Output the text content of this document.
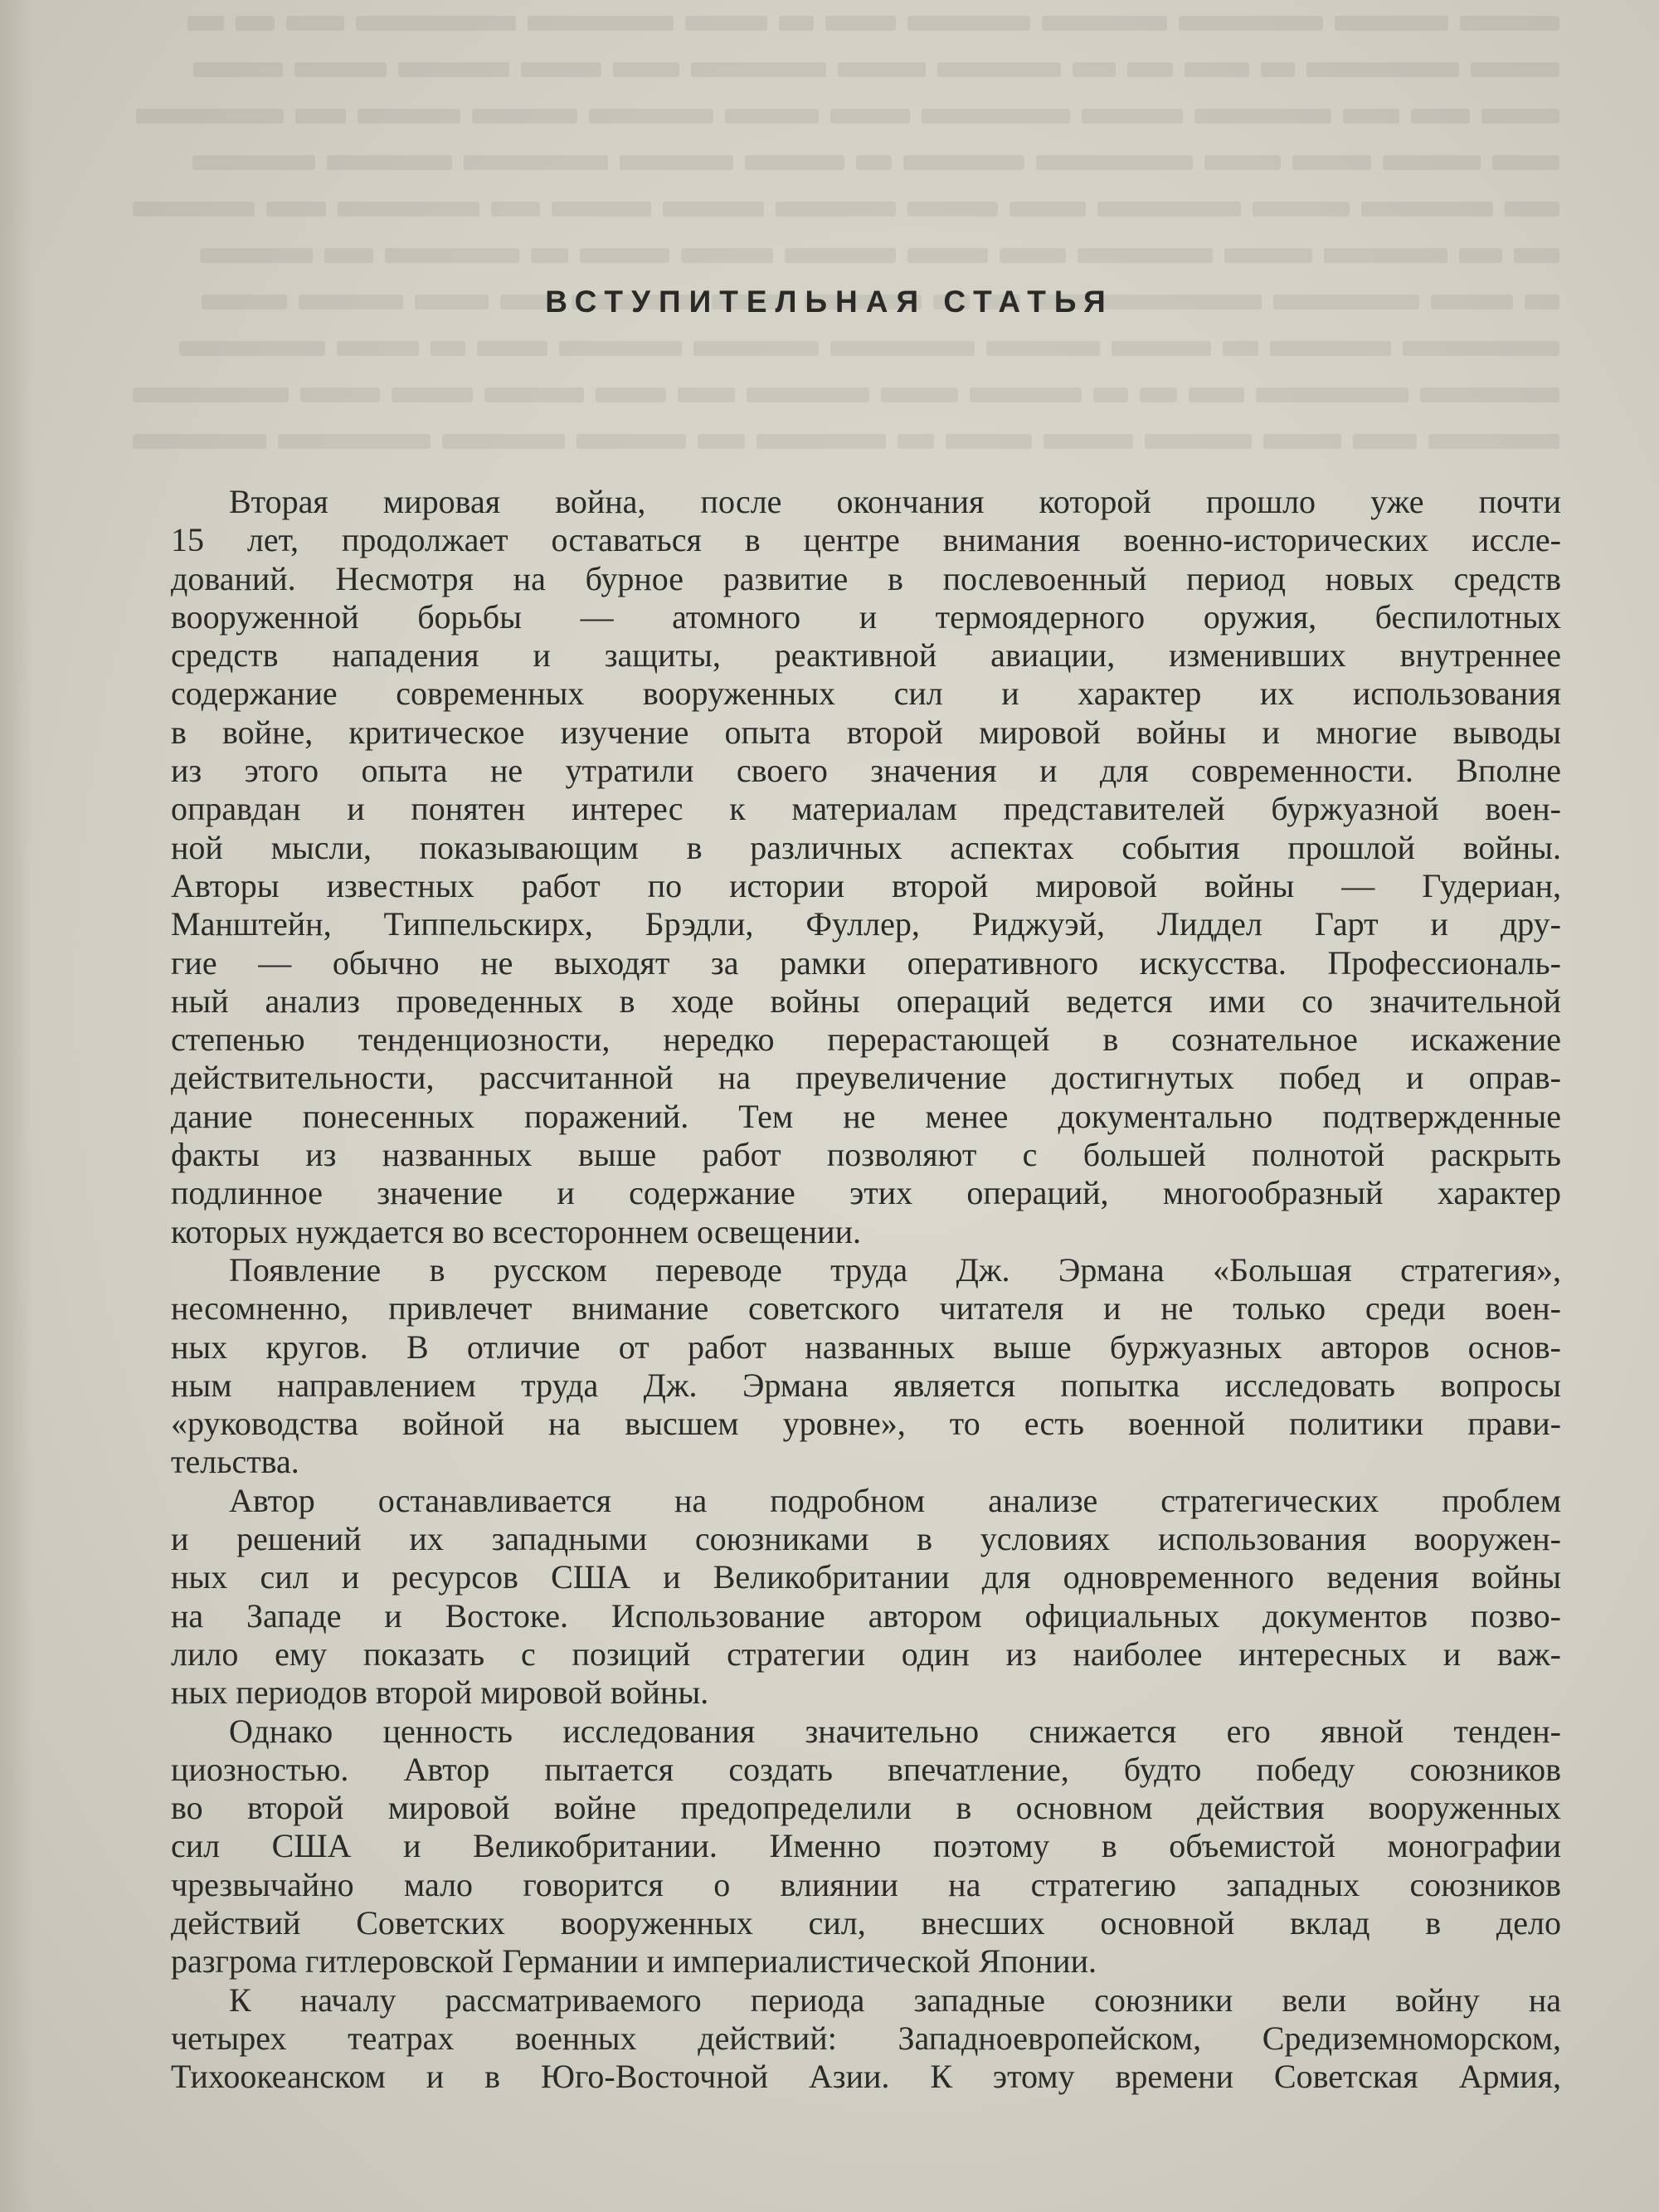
ВСТУПИТЕЛЬНАЯ СТАТЬЯ
Вторая мировая война, после окончания которой прошло уже почти
15 лет, продолжает оставаться в центре внимания военно-исторических иссле-
дований. Несмотря на бурное развитие в послевоенный период новых средств
вооруженной борьбы — атомного и термоядерного оружия, беспилотных
средств нападения и защиты, реактивной авиации, изменивших внутреннее
содержание современных вооруженных сил и характер их использования
в войне, критическое изучение опыта второй мировой войны и многие выводы
из этого опыта не утратили своего значения и для современности. Вполне
оправдан и понятен интерес к материалам представителей буржуазной воен-
ной мысли, показывающим в различных аспектах события прошлой войны.
Авторы известных работ по истории второй мировой войны — Гудериан,
Манштейн, Типпельскирх, Брэдли, Фуллер, Риджуэй, Лиддел Гарт и дру-
гие — обычно не выходят за рамки оперативного искусства. Профессиональ-
ный анализ проведенных в ходе войны операций ведется ими со значительной
степенью тенденциозности, нередко перерастающей в сознательное искажение
действительности, рассчитанной на преувеличение достигнутых побед и оправ-
дание понесенных поражений. Тем не менее документально подтвержденные
факты из названных выше работ позволяют с большей полнотой раскрыть
подлинное значение и содержание этих операций, многообразный характер
которых нуждается во всестороннем освещении.
Появление в русском переводе труда Дж. Эрмана «Большая стратегия»,
несомненно, привлечет внимание советского читателя и не только среди воен-
ных кругов. В отличие от работ названных выше буржуазных авторов основ-
ным направлением труда Дж. Эрмана является попытка исследовать вопросы
«руководства войной на высшем уровне», то есть военной политики прави-
тельства.
Автор останавливается на подробном анализе стратегических проблем
и решений их западными союзниками в условиях использования вооружен-
ных сил и ресурсов США и Великобритании для одновременного ведения войны
на Западе и Востоке. Использование автором официальных документов позво-
лило ему показать с позиций стратегии один из наиболее интересных и важ-
ных периодов второй мировой войны.
Однако ценность исследования значительно снижается его явной тенден-
циозностью. Автор пытается создать впечатление, будто победу союзников
во второй мировой войне предопределили в основном действия вооруженных
сил США и Великобритании. Именно поэтому в объемистой монографии
чрезвычайно мало говорится о влиянии на стратегию западных союзников
действий Советских вооруженных сил, внесших основной вклад в дело
разгрома гитлеровской Германии и империалистической Японии.
К началу рассматриваемого периода западные союзники вели войну на
четырех театрах военных действий: Западноевропейском, Средиземноморском,
Тихоокеанском и в Юго-Восточной Азии. К этому времени Советская Армия,
